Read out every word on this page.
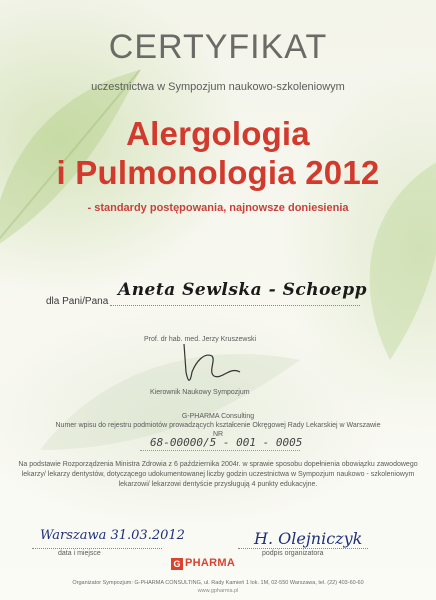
CERTYFIKAT
uczestnictwa w Sympozjum naukowo-szkoleniowym
Alergologia
i Pulmonologia 2012
- standardy postępowania, najnowsze doniesienia
dla Pani/Pana
Aneta Sewlska - Schoepp
Prof. dr hab. med. Jerzy Kruszewski
Kierownik Naukowy Sympozjum
G-PHARMA Consulting
Numer wpisu do rejestru podmiotów prowadzących kształcenie Okręgowej Rady Lekarskiej w Warszawie
NR
68-00000/5 - 001 - 0005
Na podstawie Rozporządzenia Ministra Zdrowia z 6 października 2004r. w sprawie sposobu dopełnienia obowiązku zawodowego
lekarzy/ lekarzy dentystów, dotyczącego udokumentowanej liczby godzin uczestnictwa w Sympozjum naukowo - szkoleniowym
lekarzowi/ lekarzowi dentyście przysługują 4 punkty edukacyjne.
Warszawa 31.03.2012
data i miejsce
H. Olejniczyk
podpis organizatora
G PHARMA
Organizator Sympozjum: G-PHARMA CONSULTING, ul. Rady Kamień 1 lok. 1M, 02-550 Warszawa, tel. (22) 403-60-60
www.gpharma.pl
